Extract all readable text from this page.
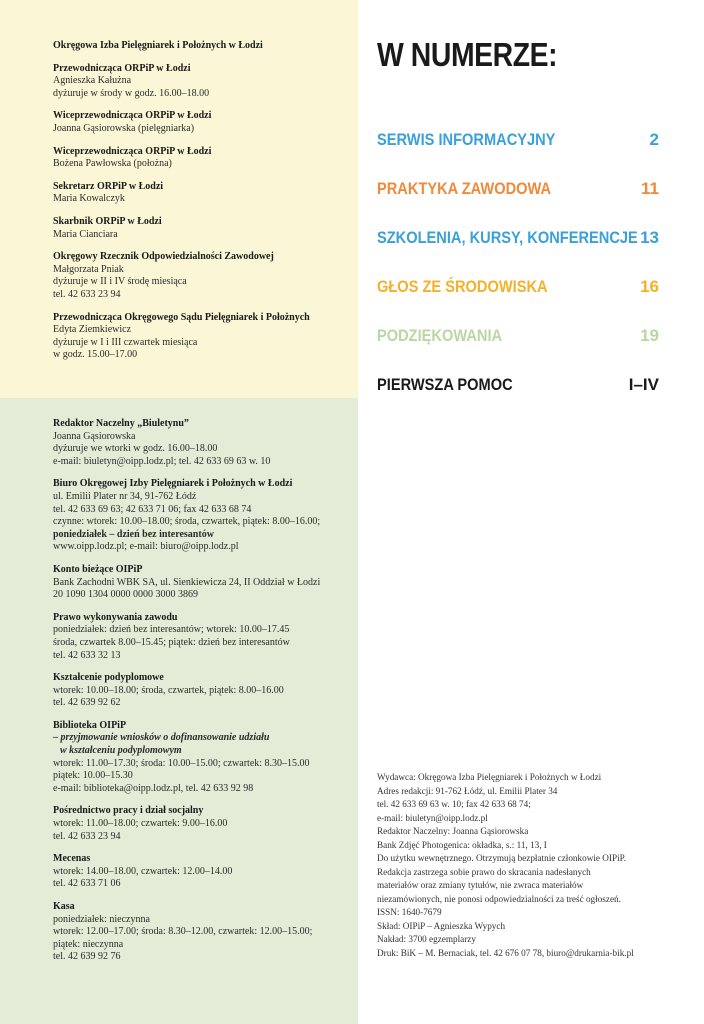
Okręgowa Izba Pielęgniarek i Położnych w Łodzi
Przewodnicząca ORPiP w Łodzi
Agnieszka Kałużna
dyżuruje w środy w godz. 16.00–18.00
Wiceprzewodnicząca ORPiP w Łodzi
Joanna Gąsiorowska (pielęgniarka)
Wiceprzewodnicząca ORPiP w Łodzi
Bożena Pawłowska (położna)
Sekretarz ORPiP w Łodzi
Maria Kowalczyk
Skarbnik ORPiP w Łodzi
Maria Cianciara
Okręgowy Rzecznik Odpowiedzialności Zawodowej
Małgorzata Pniak
dyżuruje w II i IV środę miesiąca
tel. 42 633 23 94
Przewodnicząca Okręgowego Sądu Pielęgniarek i Położnych
Edyta Ziemkiewicz
dyżuruje w I i III czwartek miesiąca
w godz. 15.00–17.00
Redaktor Naczelny „Biuletynu”
Joanna Gąsiorowska
dyżuruje we wtorki w godz. 16.00–18.00
e-mail: biuletyn@oipp.lodz.pl; tel. 42 633 69 63 w. 10
Biuro Okręgowej Izby Pielęgniarek i Położnych w Łodzi
ul. Emilii Plater nr 34, 91-762 Łódź
tel. 42 633 69 63; 42 633 71 06; fax 42 633 68 74
czynne: wtorek: 10.00–18.00; środa, czwartek, piątek: 8.00–16.00;
poniedziałek – dzień bez interesantów
www.oipp.lodz.pl; e-mail: biuro@oipp.lodz.pl
Konto bieżące OIPiP
Bank Zachodni WBK SA, ul. Sienkiewicza 24, II Oddział w Łodzi
20 1090 1304 0000 0000 3000 3869
Prawo wykonywania zawodu
poniedziałek: dzień bez interesantów; wtorek: 10.00–17.45
środa, czwartek 8.00–15.45; piątek: dzień bez interesantów
tel. 42 633 32 13
Kształcenie podyplomowe
wtorek: 10.00–18.00; środa, czwartek, piątek: 8.00–16.00
tel. 42 639 92 62
Biblioteka OIPiP
– przyjmowanie wniosków o dofinansowanie udziału
w kształceniu podyplomowym
wtorek: 11.00–17.30; środa: 10.00–15.00; czwartek: 8.30–15.00
piątek: 10.00–15.30
e-mail: biblioteka@oipp.lodz.pl, tel. 42 633 92 98
Pośrednictwo pracy i dział socjalny
wtorek: 11.00–18.00; czwartek: 9.00–16.00
tel. 42 633 23 94
Mecenas
wtorek: 14.00–18.00, czwartek: 12.00–14.00
tel. 42 633 71 06
Kasa
poniedziałek: nieczynna
wtorek: 12.00–17.00; środa: 8.30–12.00, czwartek: 12.00–15.00;
piątek: nieczynna
tel. 42 639 92 76
W NUMERZE:
SERWIS INFORMACYJNY	2
PRAKTYKA ZAWODOWA	11
SZKOLENIA, KURSY, KONFERENCJE 13
GŁOS ZE ŚRODOWISKA	16
PODZIĘKOWANIA	19
PIERWSZA POMOC	I–IV
Wydawca: Okręgowa Izba Pielęgniarek i Położnych w Łodzi
Adres redakcji: 91-762 Łódź, ul. Emilii Plater 34
tel. 42 633 69 63 w. 10; fax 42 633 68 74;
e-mail: biuletyn@oipp.lodz.pl
Redaktor Naczelny: Joanna Gąsiorowska
Bank Zdjęć Photogenica: okładka, s.: 11, 13, I
Do użytku wewnętrznego. Otrzymują bezpłatnie członkowie OIPiP.
Redakcja zastrzega sobie prawo do skracania nadesłanych
materiałów oraz zmiany tytułów, nie zwraca materiałów
niezamówionych, nie ponosi odpowiedzialności za treść ogłoszeń.
ISSN: 1640-7679
Skład: OIPiP – Agnieszka Wypych
Nakład: 3700 egzemplarzy
Druk: BiK – M. Bernaciak, tel. 42 676 07 78, biuro@drukarnia-bik.pl
